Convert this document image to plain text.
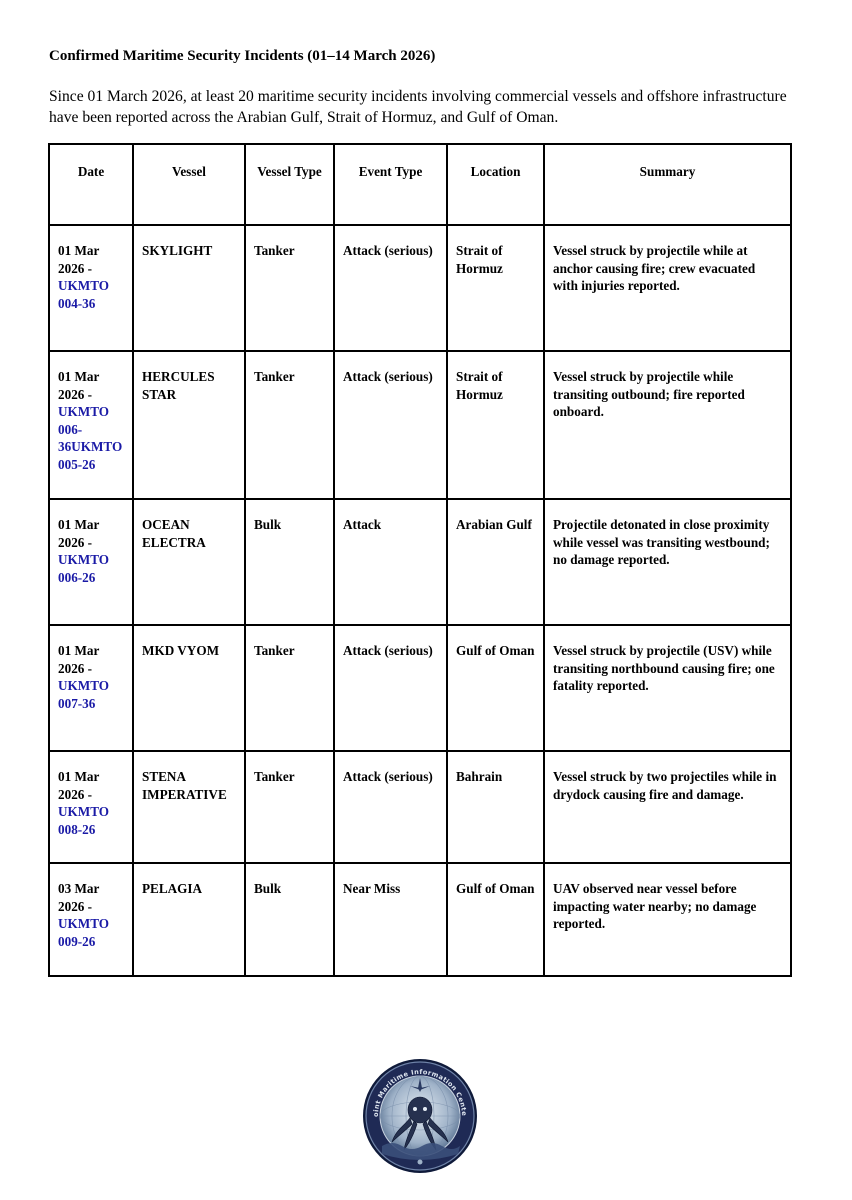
Confirmed Maritime Security Incidents (01–14 March 2026)
Since 01 March 2026, at least 20 maritime security incidents involving commercial vessels and offshore infrastructure have been reported across the Arabian Gulf, Strait of Hormuz, and Gulf of Oman.
Date	Vessel	Vessel Type	Event Type	Location	Summary

01 Mar 2026 -
UKMTO 004-36	SKYLIGHT	Tanker	Attack (serious)	Strait of Hormuz	Vessel struck by projectile while at anchor causing fire; crew evacuated with injuries reported.

01 Mar 2026 -
UKMTO 006-36UKMTO 005-26	HERCULES STAR	Tanker	Attack (serious)	Strait of Hormuz	Vessel struck by projectile while transiting outbound; fire reported onboard.

01 Mar 2026 -
UKMTO 006-26	OCEAN ELECTRA	Bulk	Attack	Arabian Gulf	Projectile detonated in close proximity while vessel was transiting westbound; no damage reported.

01 Mar 2026 -
UKMTO 007-36	MKD VYOM	Tanker	Attack (serious)	Gulf of Oman	Vessel struck by projectile (USV) while transiting northbound causing fire; one fatality reported.

01 Mar 2026 -
UKMTO 008-26	STENA IMPERATIVE	Tanker	Attack (serious)	Bahrain	Vessel struck by two projectiles while in drydock causing fire and damage.

03 Mar 2026 -
UKMTO 009-26	PELAGIA	Bulk	Near Miss	Gulf of Oman	UAV observed near vessel before impacting water nearby; no damage reported.
oint Maritime Information Cente
